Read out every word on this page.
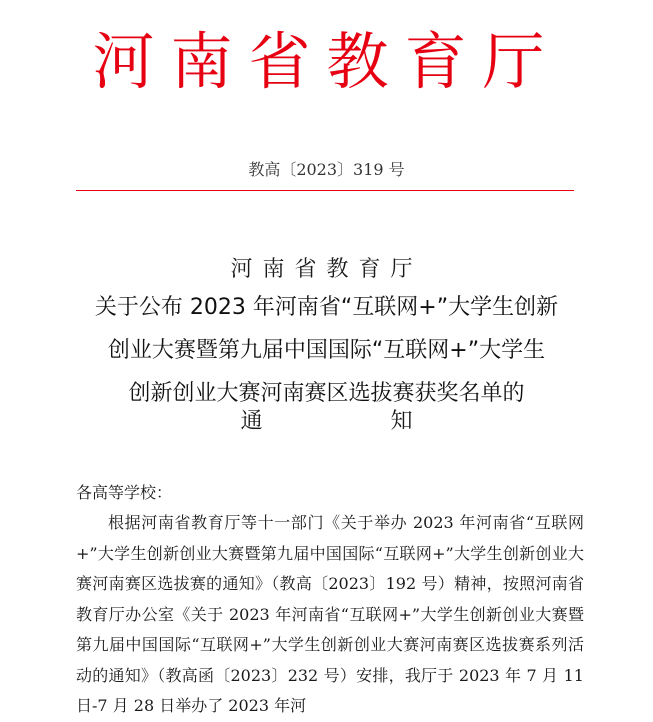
河南省教育厅
教高〔2023〕319 号
河南省教育厅
关于公布 2023 年河南省“互联网+”大学生创新
创业大赛暨第九届中国国际“互联网+”大学生
创新创业大赛河南赛区选拔赛获奖名单的
通	知
各高等学校：

根据河南省教育厅等十一部门《关于举办 2023 年河南省“互联网+”大学生创新创业大赛暨第九届中国国际“互联网+”大学生创新创业大赛河南赛区选拔赛的通知》（教高〔2023〕192 号）精神，按照河南省教育厅办公室《关于 2023 年河南省“互联网+”大学生创新创业大赛暨第九届中国国际“互联网+”大学生创新创业大赛河南赛区选拔赛系列活动的通知》（教高函〔2023〕232 号）安排，我厅于 2023 年 7 月 11 日-7 月 28 日举办了 2023 年河
